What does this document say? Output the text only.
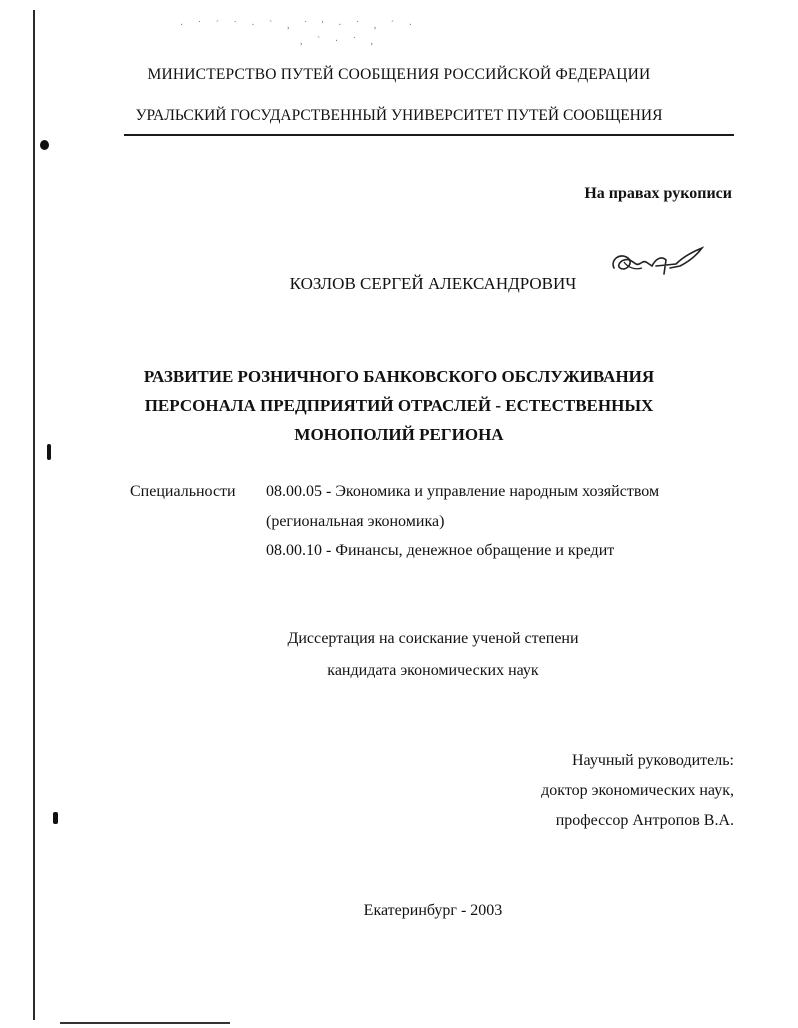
· ˙ ´ ˙ · ` , ˙ ' · ˙ , ´ ·
, ` · ˙ ,
МИНИСТЕРСТВО ПУТЕЙ СООБЩЕНИЯ РОССИЙСКОЙ ФЕДЕРАЦИИ
УРАЛЬСКИЙ ГОСУДАРСТВЕННЫЙ УНИВЕРСИТЕТ ПУТЕЙ СООБЩЕНИЯ
На правах рукописи
КОЗЛОВ СЕРГЕЙ АЛЕКСАНДРОВИЧ
РАЗВИТИЕ РОЗНИЧНОГО БАНКОВСКОГО ОБСЛУЖИВАНИЯ
ПЕРСОНАЛА ПРЕДПРИЯТИЙ ОТРАСЛЕЙ - ЕСТЕСТВЕННЫХ
МОНОПОЛИЙ РЕГИОНА
Специальности 08.00.05 - Экономика и управление народным хозяйством
(региональная экономика)
08.00.10 - Финансы, денежное обращение и кредит
Диссертация на соискание ученой степени
кандидата экономических наук
Научный руководитель:
доктор экономических наук,
профессор Антропов В.А.
Екатеринбург - 2003
